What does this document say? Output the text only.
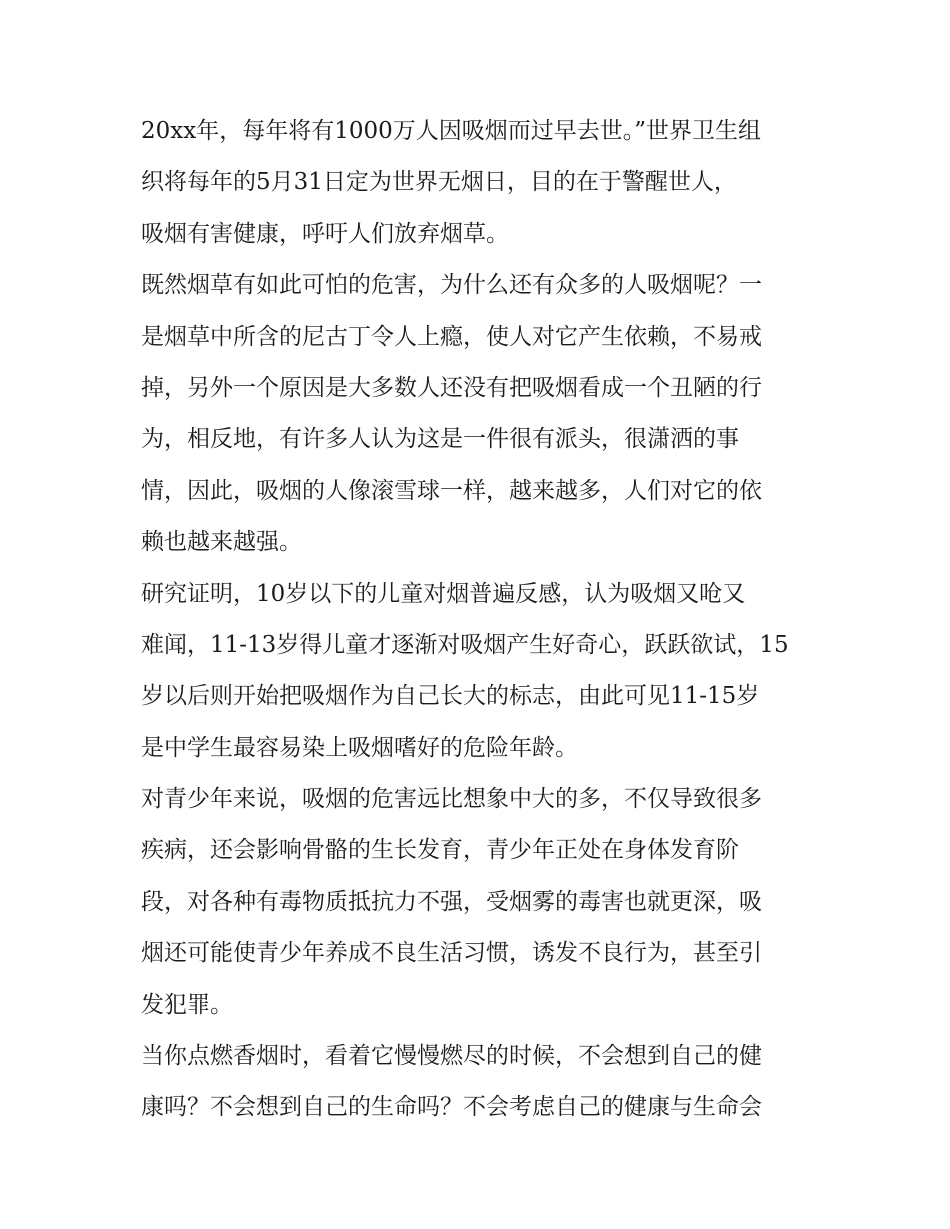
20xx年，每年将有1000万人因吸烟而过早去世。”世界卫生组
织将每年的5月31日定为世界无烟日，目的在于警醒世人，
吸烟有害健康，呼吁人们放弃烟草。
既然烟草有如此可怕的危害，为什么还有众多的人吸烟呢？一
是烟草中所含的尼古丁令人上瘾，使人对它产生依赖，不易戒
掉，另外一个原因是大多数人还没有把吸烟看成一个丑陋的行
为，相反地，有许多人认为这是一件很有派头，很潇洒的事
情，因此，吸烟的人像滚雪球一样，越来越多，人们对它的依
赖也越来越强。
研究证明，10岁以下的儿童对烟普遍反感，认为吸烟又呛又
难闻，11-13岁得儿童才逐渐对吸烟产生好奇心，跃跃欲试，15
岁以后则开始把吸烟作为自己长大的标志，由此可见11-15岁
是中学生最容易染上吸烟嗜好的危险年龄。
对青少年来说，吸烟的危害远比想象中大的多，不仅导致很多
疾病，还会影响骨骼的生长发育，青少年正处在身体发育阶
段，对各种有毒物质抵抗力不强，受烟雾的毒害也就更深，吸
烟还可能使青少年养成不良生活习惯，诱发不良行为，甚至引
发犯罪。
当你点燃香烟时，看着它慢慢燃尽的时候，不会想到自己的健
康吗？不会想到自己的生命吗？不会考虑自己的健康与生命会
